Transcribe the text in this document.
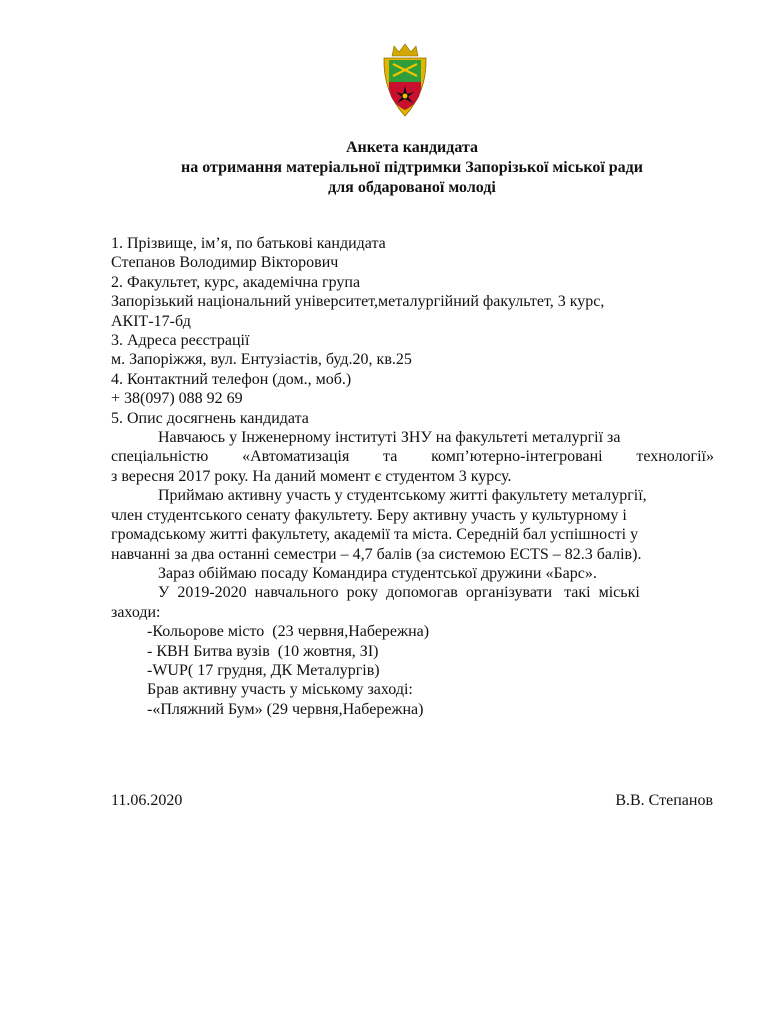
Анкета кандидата
на отримання матеріальної підтримки Запорізької міської ради
для обдарованої молоді
1. Прізвище, ім’я, по батькові кандидата
Степанов Володимир Вікторович
2. Факультет, курс, академічна група
Запорізький національний університет,металургійний факультет, 3 курс,
АКІТ-17-бд
3. Адреса реєстрації
м. Запоріжжя, вул. Ентузіастів, буд.20, кв.25
4. Контактний телефон (дом., моб.)
+ 38(097) 088 92 69
5. Опис досягнень кандидата
Навчаюсь у Інженерному інститутi ЗНУ на факультеті металургії за
спеціальністю «Автоматизація та комп’ютерно-інтегровані технології»
з вересня 2017 року. На даний момент є студентом 3 курсу.
Приймаю активну участь у студентському житті факультету металургії,
член студентського сенату факультету. Беру активну участь у культурному і
громадському житті факультету, академії та міста. Середній бал успішності у
навчанні за два останні семестри – 4,7 балів (за системою ECTS – 82.3 балів).
Зараз обіймаю посаду Командира студентської дружини «Барс».
У  2019-2020  навчального  року  допомогав  організувати   такі  міські
заходи:
-Кольорове місто  (23 червня,Набережна)
- КВН Битва вузів  (10 жовтня, ЗІ)
-WUP( 17 грудня, ДК Металургів)
Брав активну участь у міському заході:
-«Пляжний Бум» (29 червня,Набережна)
11.06.2020	В.В. Степанов
